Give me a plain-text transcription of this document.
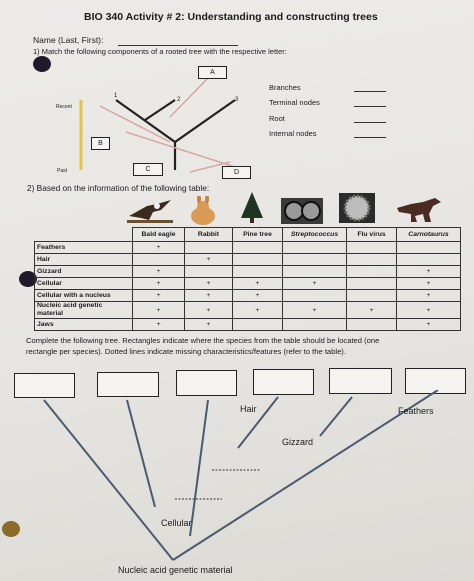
BIO 340 Activity # 2: Understanding and constructing trees
Name (Last, First):
1) Match the following components of a rooted tree with the respective letter:
Recent
Past
A
B
C	D
1
2	3
Branches
Terminal nodes
Root
Internal nodes
2) Based on the information of the following table:
	Bald eagle	Rabbit	Pine tree	Streptococcus	Flu virus	Carnotaurus
Feathers	+					
Hair		+				
Gizzard	+					+
Cellular	+	+	+	+		+
Cellular with a nucleus	+	+	+			+
Nucleic acid genetic material	+	+	+	+	+	+
Jaws	+	+				+
Complete the following tree. Rectangles indicate where the species from the table should be located (one
rectangle per species). Dotted lines indicate missing characteristics/features (refer to the table).
Hair	Feathers
Gizzard
Cellular
Nucleic acid genetic material
